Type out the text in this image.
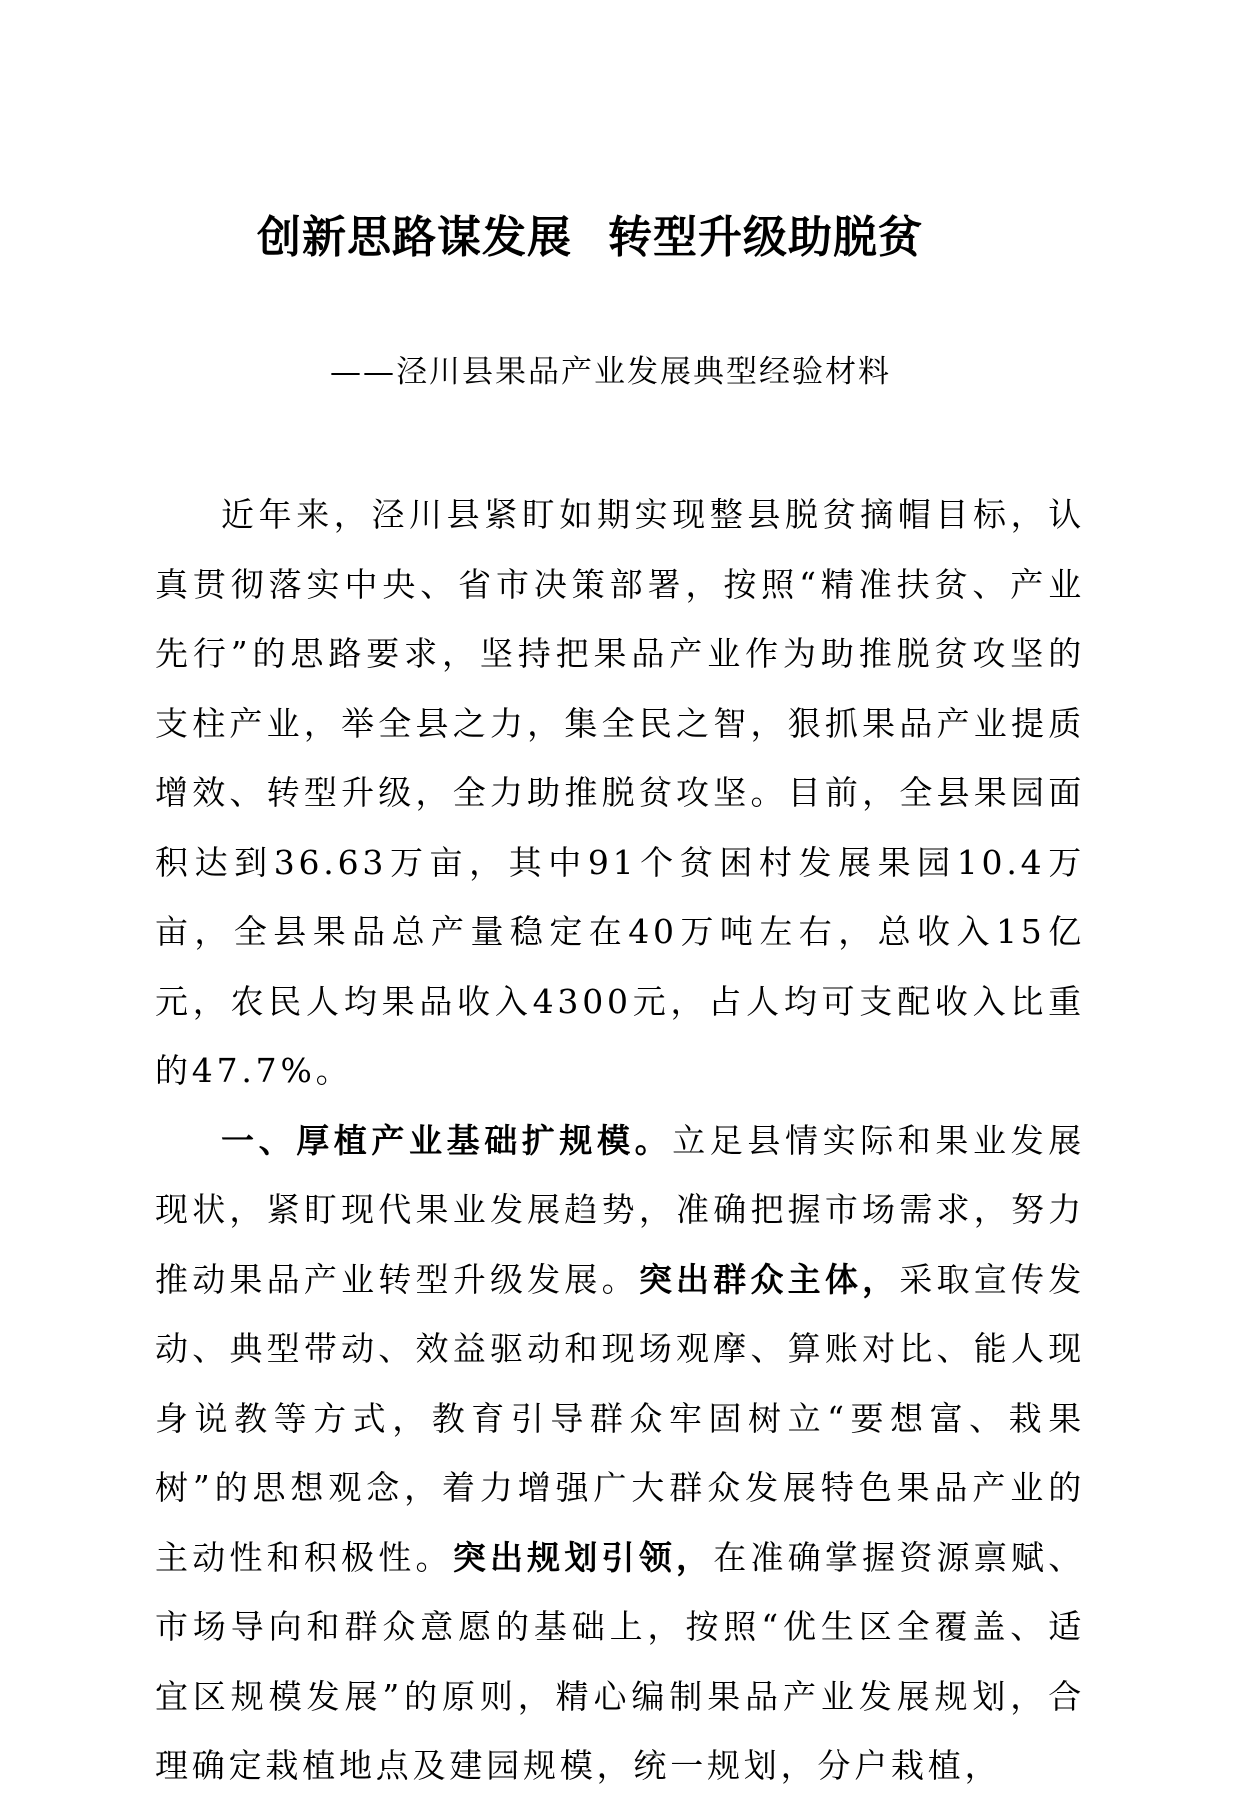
创新思路谋发展 转型升级助脱贫
——泾川县果品产业发展典型经验材料

近年来，泾川县紧盯如期实现整县脱贫摘帽目标，认真贯彻落实中央、省市决策部署，按照“精准扶贫、产业先行”的思路要求，坚持把果品产业作为助推脱贫攻坚的支柱产业，举全县之力，集全民之智，狠抓果品产业提质增效、转型升级，全力助推脱贫攻坚。目前，全县果园面积达到36.63万亩，其中91个贫困村发展果园10.4万亩，全县果品总产量稳定在40万吨左右，总收入15亿元，农民人均果品收入4300元，占人均可支配收入比重的47.7%。

一、厚植产业基础扩规模。立足县情实际和果业发展现状，紧盯现代果业发展趋势，准确把握市场需求，努力推动果品产业转型升级发展。突出群众主体，采取宣传发动、典型带动、效益驱动和现场观摩、算账对比、能人现身说教等方式，教育引导群众牢固树立“要想富、栽果树”的思想观念，着力增强广大群众发展特色果品产业的主动性和积极性。突出规划引领，在准确掌握资源禀赋、市场导向和群众意愿的基础上，按照“优生区全覆盖、适宜区规模发展”的原则，精心编制果品产业发展规划，合理确定栽植地点及建园规模，统一规划，分户栽植，
